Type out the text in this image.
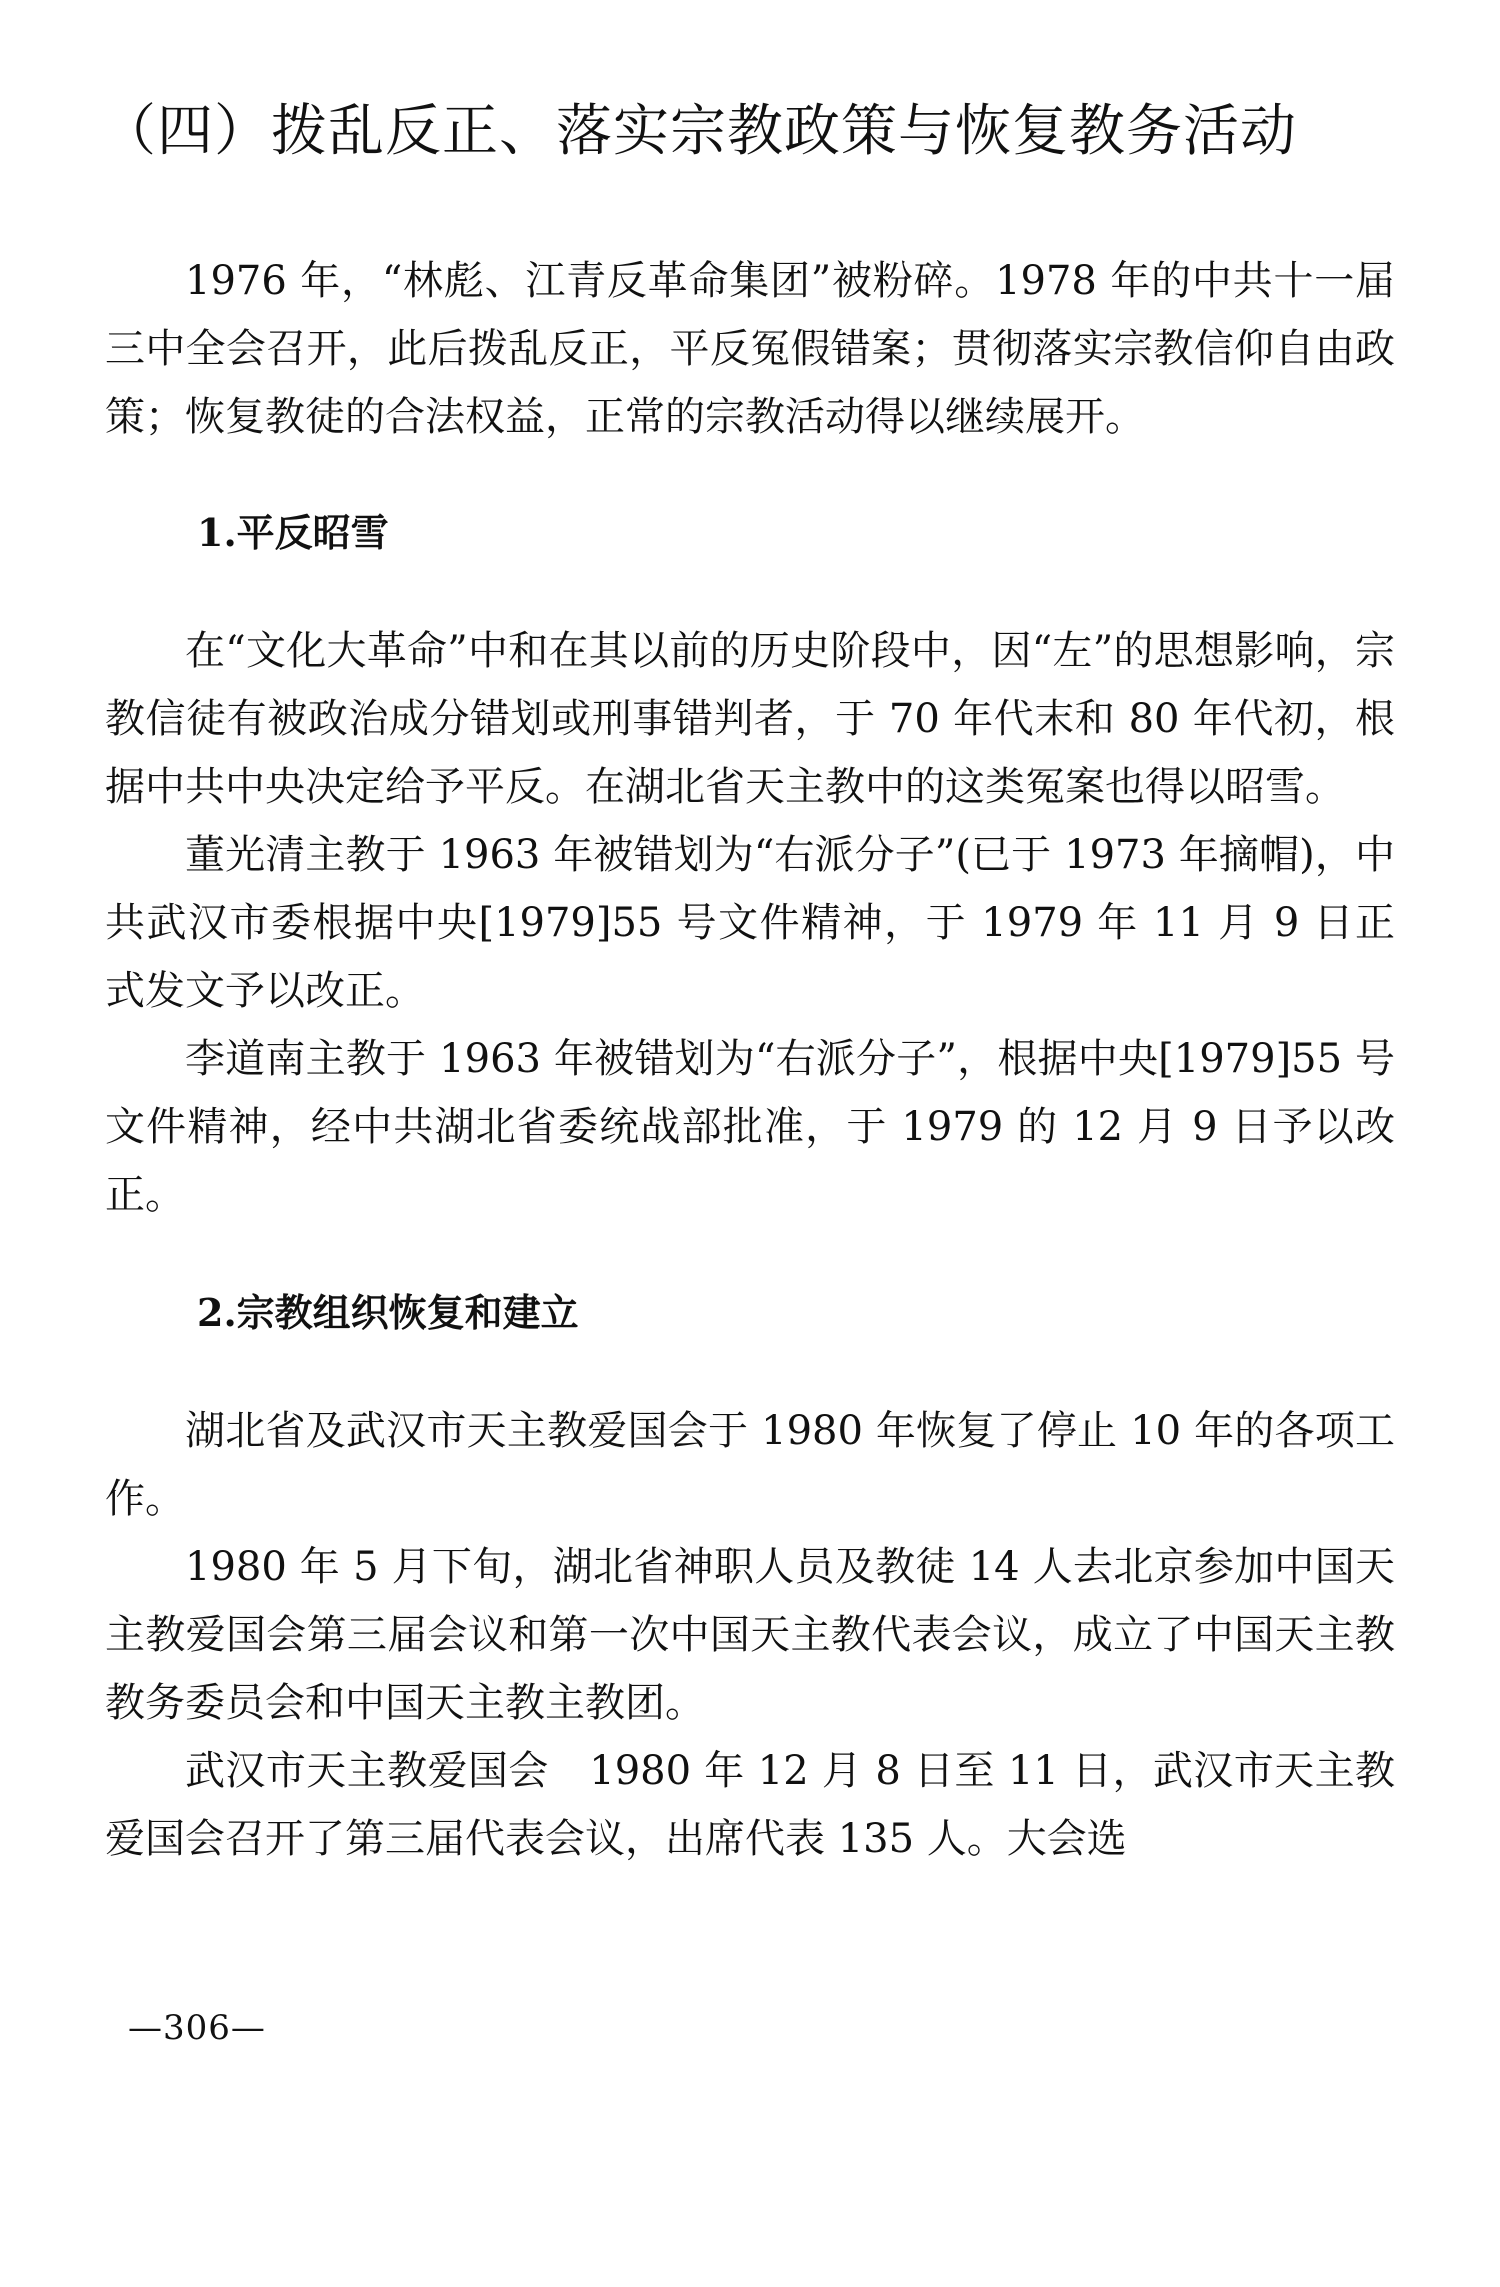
（四）拨乱反正、落实宗教政策与恢复教务活动

1976 年，“林彪、江青反革命集团”被粉碎。1978 年的中共十一届三中全会召开，此后拨乱反正，平反冤假错案；贯彻落实宗教信仰自由政策；恢复教徒的合法权益，正常的宗教活动得以继续展开。

1.平反昭雪

在“文化大革命”中和在其以前的历史阶段中，因“左”的思想影响，宗教信徒有被政治成分错划或刑事错判者，于 70 年代末和 80 年代初，根据中共中央决定给予平反。在湖北省天主教中的这类冤案也得以昭雪。

董光清主教于 1963 年被错划为“右派分子”(已于 1973 年摘帽)，中共武汉市委根据中央[1979]55 号文件精神，于 1979 年 11 月 9 日正式发文予以改正。

李道南主教于 1963 年被错划为“右派分子”，根据中央[1979]55 号文件精神，经中共湖北省委统战部批准，于 1979 的 12 月 9 日予以改正。

2.宗教组织恢复和建立

湖北省及武汉市天主教爱国会于 1980 年恢复了停止 10 年的各项工作。

1980 年 5 月下旬，湖北省神职人员及教徒 14 人去北京参加中国天主教爱国会第三届会议和第一次中国天主教代表会议，成立了中国天主教教务委员会和中国天主教主教团。

武汉市天主教爱国会　1980 年 12 月 8 日至 11 日，武汉市天主教爱国会召开了第三届代表会议，出席代表 135 人。大会选

—306—
